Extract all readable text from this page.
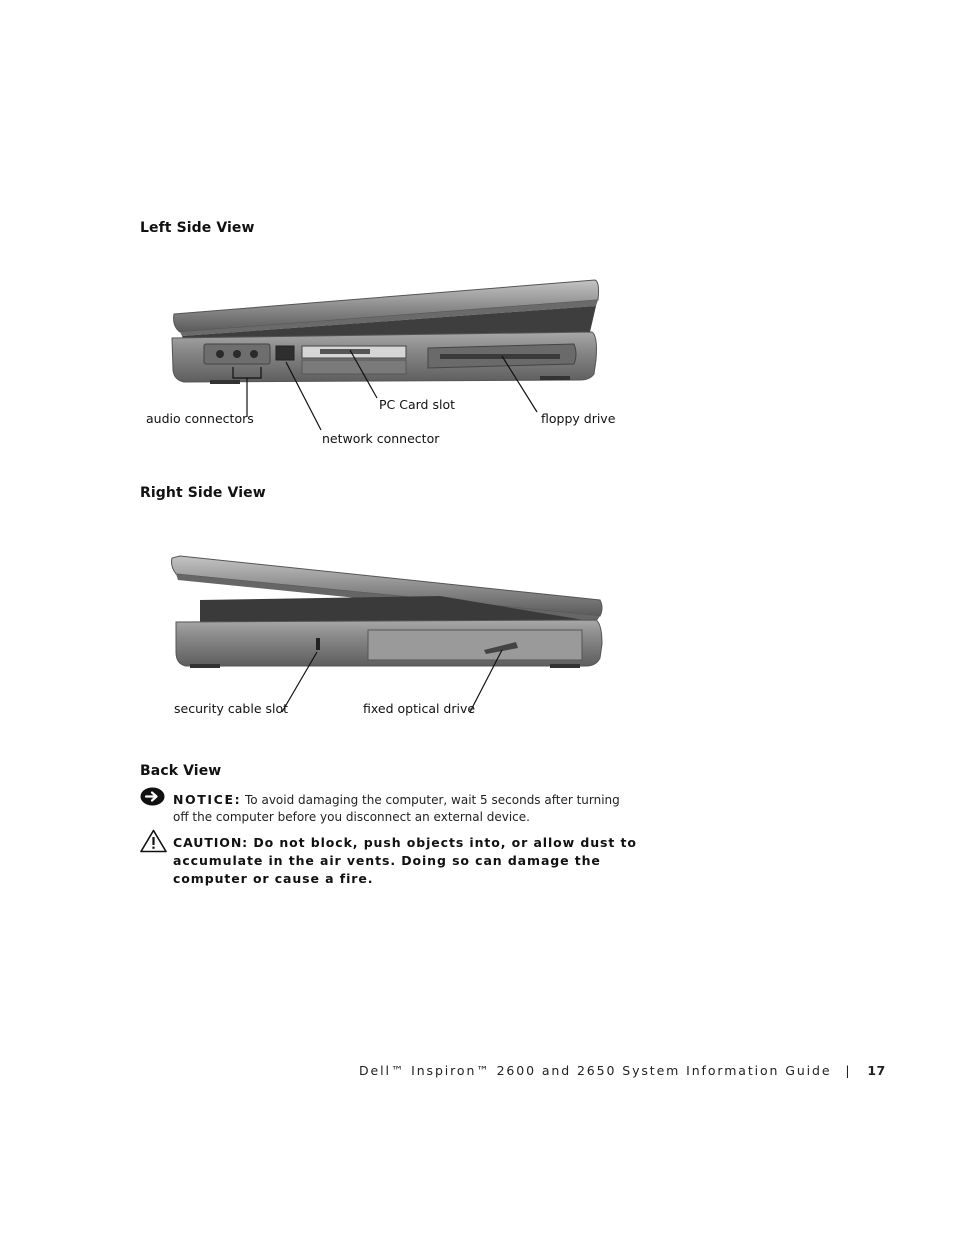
Left Side View
audio connectors
PC Card slot
network connector
floppy drive
Right Side View
security cable slot	fixed optical drive
Back View
NOTICE: To avoid damaging the computer, wait 5 seconds after turning off the computer before you disconnect an external device.
CAUTION: Do not block, push objects into, or allow dust to accumulate in the air vents. Doing so can damage the computer or cause a fire.
Dell™ Inspiron™ 2600 and 2650 System Information Guide | 17
